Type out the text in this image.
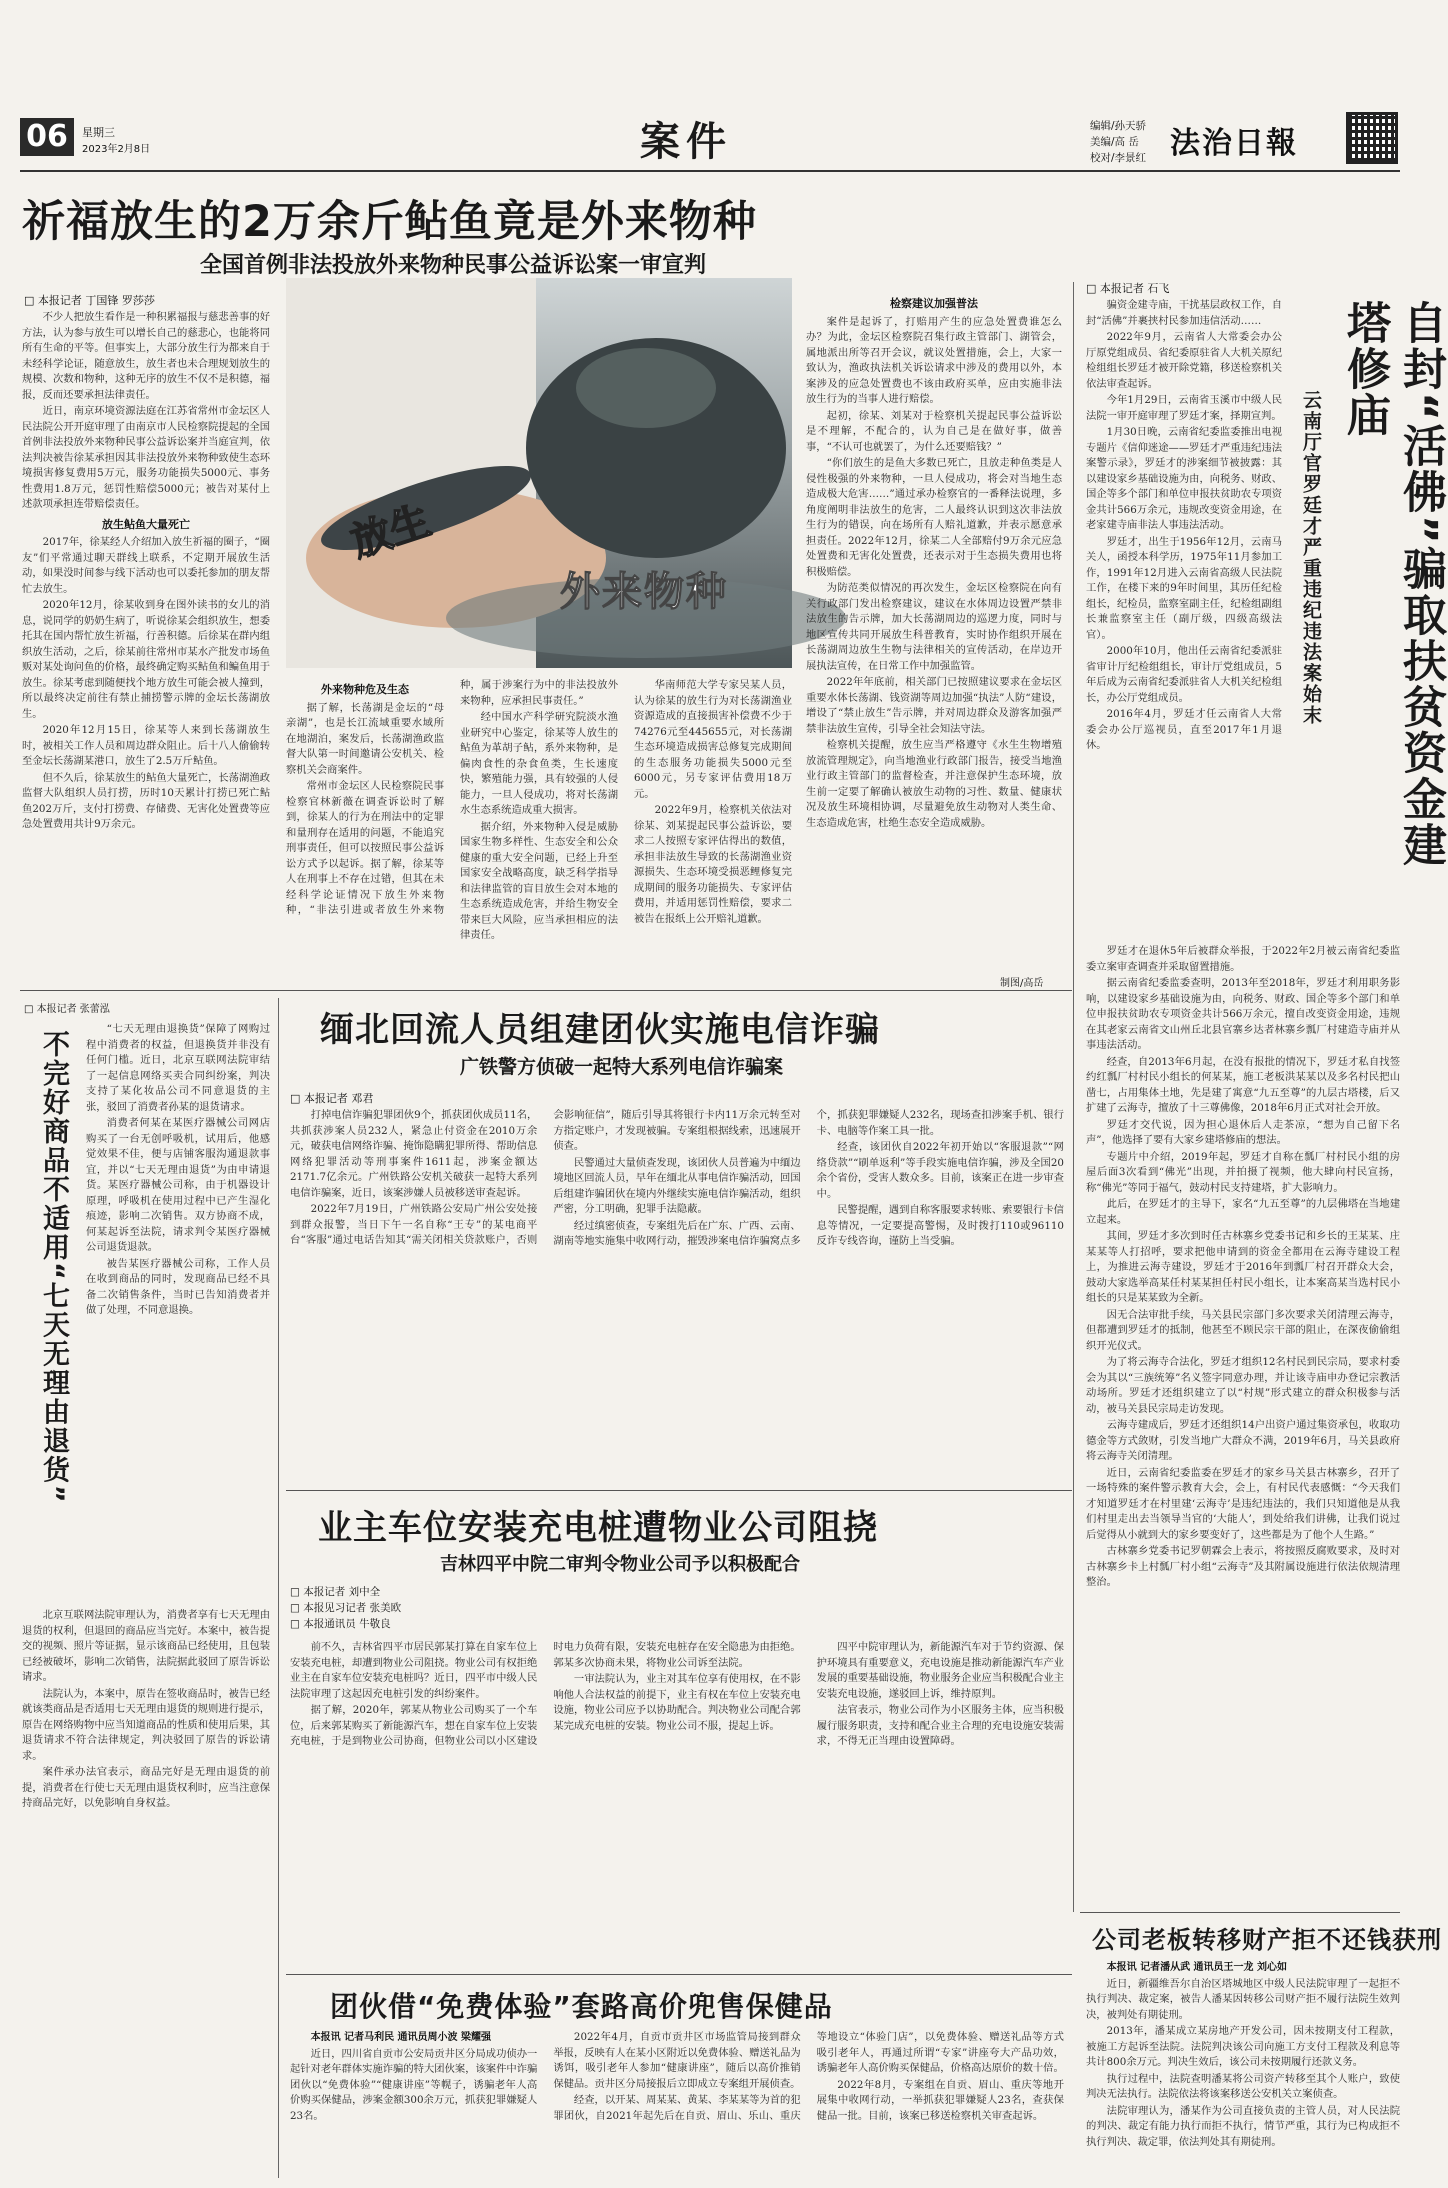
06	星期三
2023年2月8日	案件	编辑/孙天骄
美编/高 岳
校对/李景红 法治日報
祈福放生的2万余斤鲇鱼竟是外来物种
全国首例非法投放外来物种民事公益诉讼案一审宣判
□ 本报记者 丁国锋 罗莎莎

不少人把放生看作是一种积累福报与慈悲善事的好方法，认为参与放生可以增长自己的慈悲心，也能将同所有生命的平等。但事实上，大部分放生行为都来自于未经科学论证，随意放生，放生者也未合理规划放生的规模、次数和物种，这种无序的放生不仅不是积德，福报，反而还要承担法律责任。

近日，南京环境资源法庭在江苏省常州市金坛区人民法院公开开庭审理了由南京市人民检察院提起的全国首例非法投放外来物种民事公益诉讼案并当庭宣判，依法判决被告徐某承担因其非法投放外来物种致使生态环境损害修复费用5万元，服务功能损失5000元、事务性费用1.8万元，惩罚性赔偿5000元；被告对某付上述款项承担连带赔偿责任。

放生鲇鱼大量死亡

2017年，徐某经人介绍加入放生祈福的圈子，“圈友”们平常通过聊天群线上联系，不定期开展放生活动，如果没时间参与线下活动也可以委托参加的朋友帮忙去放生。

2020年12月，徐某收到身在图外读书的女儿的消息，说同学的奶奶生病了，听说徐某会组织放生，想委托其在国内帮忙放生祈福，行善积德。后徐某在群内组织放生活动，之后，徐某前往常州市某水产批发市场鱼贩对某处询问鱼的价格，最终确定购买鲇鱼和鳊鱼用于放生。徐某考虑到随便找个地方放生可能会被人撞到，所以最终决定前往有禁止捕捞警示牌的金坛长荡湖放生。

2020年12月15日，徐某等人来到长荡湖放生时，被相关工作人员和周边群众阻止。后十八人偷偷转至金坛长荡湖某港口，放生了2.5万斤鲇鱼。

但不久后，徐某放生的鲇鱼大量死亡，长荡湖渔政监督大队组织人员打捞，历时10天累计打捞已死亡鲇鱼202万斤，支付打捞费、存储费、无害化处置费等应急处置费用共计9万余元。

放生
外来物种
外来物种危及生态

据了解，长荡湖是金坛的“母亲湖”，也是长江流域重要水域所在地湖泊，案发后，长荡湖渔政监督大队第一时间邀请公安机关、检察机关会商案件。

常州市金坛区人民检察院民事检察官林新薇在调查诉讼时了解到，徐某人的行为在刑法中的定罪和量刑存在适用的问题，不能追究刑事责任，但可以按照民事公益诉讼方式予以起诉。据了解，徐某等人在刑事上不存在过错，但其在未经科学论证情况下放生外来物种，“非法引进或者放生外来物种，属于涉案行为中的非法投放外来物种，应承担民事责任。”

经中国水产科学研究院淡水渔业研究中心鉴定，徐某等人放生的鲇鱼为革胡子鲇，系外来物种，是偏肉食性的杂食鱼类，生长速度快，繁殖能力强，具有较强的人侵能力，一旦人侵成功，将对长荡湖水生态系统造成重大损害。

据介绍，外来物种入侵是威胁国家生物多样性、生态安全和公众健康的重大安全问题，已经上升至国家安全战略高度，缺乏科学指导和法律监管的盲目放生会对本地的生态系统造成危害，并给生物安全带来巨大风险，应当承担相应的法律责任。

华南师范大学专家吴某人员，认为徐某的放生行为对长荡湖渔业资源造成的直接损害补偿费不少于74276元至445655元，对长荡湖生态环境造成损害总修复完成期间的生态服务功能损失5000元至6000元，另专家评估费用18万元。

2022年9月，检察机关依法对徐某、刘某提起民事公益诉讼，要求二人按照专家评估得出的数值，承担非法放生导致的长荡湖渔业资源损失、生态环境受损恶鲤修复完成期间的服务功能损失、专家评估费用，并适用惩罚性赔偿，要求二被告在报纸上公开赔礼道歉。

检察建议加强普法

案件是起诉了，打赔用产生的应急处置费谁怎么办？为此，金坛区检察院召集行政主管部门、湖管会，属地派出所等召开会议，就议处置措施，会上，大家一致认为，渔政执法机关诉讼请求中涉及的费用以外，本案涉及的应急处置费也不该由政府买单，应由实施非法放生行为的当事人进行赔偿。

起初，徐某、刘某对于检察机关提起民事公益诉讼是不理解，不配合的，认为自己是在做好事，做善事，“不认可也就罢了，为什么还要赔钱？”

“你们放生的是鱼大多数已死亡，且放走种鱼类是人侵性极强的外来物种，一旦人侵成功，将会对当地生态造成极大危害……”通过承办检察官的一番释法说理，多角度阐明非法放生的危害，二人最终认识到这次非法放生行为的错误，向在场所有人赔礼道歉，并表示愿意承担责任。2022年12月，徐某二人全部赔付9万余元应急处置费和无害化处置费，还表示对于生态损失费用也将积极赔偿。

为防范类似情况的再次发生，金坛区检察院在向有关行政部门发出检察建议，建议在水体周边设置严禁非法放生的告示牌，加大长荡湖周边的巡逻力度，同时与地区宣传共同开展放生科普教育，实时协作组织开展在长荡湖周边放生生物与法律相关的宣传活动，在岸边开展执法宣传，在日常工作中加强监管。

2022年年底前，相关部门已按照建议要求在金坛区重要水体长荡湖、钱资湖等周边加强“执法”人防“建设，增设了“禁止放生”告示牌，并对周边群众及游客加强严禁非法放生宣传，引导全社会知法守法。

检察机关提醒，放生应当严格遵守《水生生物增殖放流管理规定》，向当地渔业行政部门报告，接受当地渔业行政主管部门的监督检查，并注意保护生态环境，放生前一定要了解确认被放生动物的习性、数量、健康状况及放生环境相协调，尽量避免放生动物对人类生命、生态造成危害，杜绝生态安全造成威胁。

制图/高岳
□ 本报记者 石飞
自封“活佛”骗取扶贫资金建塔修庙
云南厅官罗廷才严重违纪违法案始末

骗资金建寺庙，干扰基层政权工作，自封“活佛”并裹挟村民参加违信活动……

2022年9月，云南省人大常委会办公厅原党组成员、省纪委原驻省人大机关原纪检组组长罗廷才被开除党籍，移送检察机关依法审查起诉。

今年1月29日，云南省玉溪市中级人民法院一审开庭审理了罗廷才案，择期宣判。

1月30日晚，云南省纪委监委推出电视专题片《信仰迷途——罗廷才严重违纪违法案警示录》，罗廷才的涉案细节被披露：其以建设家乡基础设施为由，向税务、财政、国企等多个部门和单位申报扶贫助农专项资金共计566万余元，违规改变资金用途，在老家建寺庙非法人事违法活动。

罗廷才，出生于1956年12月，云南马关人，函授本科学历，1975年11月参加工作，1991年12月进入云南省高级人民法院工作，在楼下来的9年时间里，其历任纪检组长，纪检员，监察室副主任，纪检组副组长兼监察室主任（副厅级，四级高级法官）。

2000年10月，他出任云南省纪委派驻省审计厅纪检组组长，审计厅党组成员，5年后成为云南省纪委派驻省人大机关纪检组长，办公厅党组成员。

2016年4月，罗廷才任云南省人大常委会办公厅巡视员，直至2017年1月退休。

罗廷才在退休5年后被群众举报，于2022年2月被云南省纪委监委立案审查调查并采取留置措施。

据云南省纪委监委查明，2013年至2018年，罗廷才利用职务影响，以建设家乡基础设施为由，向税务、财政、国企等多个部门和单位申报扶贫助农专项资金共计566万余元，擅自改变资金用途，违规在其老家云南省文山州丘北县官寨乡达者林寨乡瓢厂村建造寺庙并从事违法活动。

经查，自2013年6月起，在没有报批的情况下，罗廷才私自找签约红瓢厂村村民小组长的何某某，施工老板洪某某以及多名村民把山凿七，占用集体土地，先是建了寓意“九五至尊”的九层古塔楼，后又扩建了云海寺，擅放了十三尊佛像，2018年6月正式对社会开放。

罗廷才交代说，因为担心退休后人走茶凉，“想为自己留下名声”，他选择了要有大家乡建塔修庙的想法。

专题片中介绍，2019年起，罗廷才自称在瓢厂村村民小组的房屋后面3次看到“佛光”出现，并拍摄了视频，他大肆向村民宣扬，称“佛光”等同于福气，鼓动村民支持建塔，扩大影响力。

此后，在罗廷才的主导下，家名“九五至尊”的九层佛塔在当地建立起来。

其间，罗廷才多次到时任古林寨乡党委书记和乡长的王某某、庄某某等人打招呼，要求把他申请到的资金全都用在云海寺建设工程上，为推进云海寺建设，罗廷才于2016年到瓢厂村召开群众大会，鼓动大家选举高某任村某某担任村民小组长，让本案高某当选村民小组长的只是某某致为全新。

因无合法审批手续，马关县民宗部门多次要求关闭清理云海寺，但都遭到罗廷才的抵制，他甚至不顾民宗干部的阻止，在深夜偷偷组织开光仪式。

为了将云海寺合法化，罗廷才组织12名村民到民宗局，要求村委会为其以“三族统筹”名义签字同意办理，并让该寺庙申办登记宗教活动场所。罗廷才还组织建立了以“村规”形式建立的群众积极参与活动，被马关县民宗局走访发现。

云海寺建成后，罗廷才还组织14户出资户通过集资承包，收取功德金等方式敛财，引发当地广大群众不满，2019年6月，马关县政府将云海寺关闭清理。

近日，云南省纪委监委在罗廷才的家乡马关县古林寨乡，召开了一场特殊的案件警示教育大会，会上，有村民代表感慨：“今天我们才知道罗廷才在村里建‘云海寺’是违纪违法的，我们只知道他是从我们村里走出去当领导当官的‘大能人’，到处给我们讲佛，让我们说过后觉得从小就到大的家乡要变好了，这些都是为了他个人生路。”

古林寨乡党委书记罗朝霖会上表示，将按照反腐败要求，及时对古林寨乡卡上村瓢厂村小组“云海寺”及其附属设施进行依法依规清理整治。

公司老板转移财产拒不还钱获刑

本报讯 记者潘从武 通讯员王一龙 刘心如

近日，新疆维吾尔自治区塔城地区中级人民法院审理了一起拒不执行判决、裁定案，被告人潘某因转移公司财产拒不履行法院生效判决，被判处有期徒刑。

2013年，潘某成立某房地产开发公司，因未按期支付工程款，被施工方起诉至法院。法院判决该公司向施工方支付工程款及利息等共计800余万元。判决生效后，该公司未按期履行还款义务。

执行过程中，法院查明潘某将公司资产转移至其个人账户，致使判决无法执行。法院依法将该案移送公安机关立案侦查。

法院审理认为，潘某作为公司直接负责的主管人员，对人民法院的判决、裁定有能力执行而拒不执行，情节严重，其行为已构成拒不执行判决、裁定罪，依法判处其有期徒刑。

□ 本报记者 张蕾泓
不完好商品不适用“七天无理由退货”

“七天无理由退换货”保障了网购过程中消费者的权益，但退换货并非没有任何门槛。近日，北京互联网法院审结了一起信息网络买卖合同纠纷案，判决支持了某化妆品公司不同意退货的主张，驳回了消费者孙某的退货请求。

消费者何某在某医疗器械公司网店购买了一台无创呼吸机，试用后，他感觉效果不佳，便与店铺客服沟通退款事宜，并以“七天无理由退货”为由申请退货。某医疗器械公司称，由于机器设计原理，呼吸机在使用过程中已产生湿化痕迹，影响二次销售。双方协商不成，何某起诉至法院，请求判令某医疗器械公司退货退款。

被告某医疗器械公司称，工作人员在收到商品的同时，发现商品已经不具备二次销售条件，当时已告知消费者并做了处理，不同意退换。

北京互联网法院审理认为，消费者享有七天无理由退货的权利，但退回的商品应当完好。本案中，被告提交的视频、照片等证据，显示该商品已经使用，且包装已经被破坏，影响二次销售，法院据此驳回了原告诉讼请求。

法院认为，本案中，原告在签收商品时，被告已经就该类商品是否适用七天无理由退货的规则进行提示，原告在网络购物中应当知道商品的性质和使用后果，其退货请求不符合法律规定，判决驳回了原告的诉讼请求。

案件承办法官表示，商品完好是无理由退货的前提，消费者在行使七天无理由退货权利时，应当注意保持商品完好，以免影响自身权益。

缅北回流人员组建团伙实施电信诈骗
广铁警方侦破一起特大系列电信诈骗案
□ 本报记者 邓君

打掉电信诈骗犯罪团伙9个，抓获团伙成员11名，共抓获涉案人员232人，紧急止付资金在2010万余元，破获电信网络诈骗、掩饰隐瞒犯罪所得、帮助信息网络犯罪活动等刑事案件1611起，涉案金额达2171.7亿余元。广州铁路公安机关破获一起特大系列电信诈骗案，近日，该案涉嫌人员被移送审查起诉。

2022年7月19日，广州铁路公安局广州公安处接到群众报警，当日下午一名自称“王专”的某电商平台“客服”通过电话告知其“需关闭相关贷款账户，否则会影响征信”，随后引导其将银行卡内11万余元转至对方指定账户，才发现被骗。专案组根据线索，迅速展开侦查。

民警通过大量侦查发现，该团伙人员普遍为中缅边境地区回流人员，早年在缅北从事电信诈骗活动，回国后组建诈骗团伙在境内外继续实施电信诈骗活动，组织严密，分工明确，犯罪手法隐蔽。

经过缜密侦查，专案组先后在广东、广西、云南、湖南等地实施集中收网行动，摧毁涉案电信诈骗窝点多个，抓获犯罪嫌疑人232名，现场查扣涉案手机、银行卡、电脑等作案工具一批。

经查，该团伙自2022年初开始以“客服退款”“网络贷款”“刷单返利”等手段实施电信诈骗，涉及全国20余个省份，受害人数众多。目前，该案正在进一步审查中。

民警提醒，遇到自称客服要求转账、索要银行卡信息等情况，一定要提高警惕，及时拨打110或96110反诈专线咨询，谨防上当受骗。

业主车位安装充电桩遭物业公司阻挠
吉林四平中院二审判令物业公司予以积极配合
□ 本报记者 刘中全
□ 本报见习记者 张美欧
□ 本报通讯员 牛敬良

前不久，吉林省四平市居民郭某打算在自家车位上安装充电桩，却遭到物业公司阻挠。物业公司有权拒绝业主在自家车位安装充电桩吗？近日，四平市中级人民法院审理了这起因充电桩引发的纠纷案件。

据了解，2020年，郭某从物业公司购买了一个车位，后来郭某购买了新能源汽车，想在自家车位上安装充电桩，于是到物业公司协商，但物业公司以小区建设时电力负荷有限，安装充电桩存在安全隐患为由拒绝。郭某多次协商未果，将物业公司诉至法院。

一审法院认为，业主对其车位享有使用权，在不影响他人合法权益的前提下，业主有权在车位上安装充电设施，物业公司应予以协助配合。判决物业公司配合郭某完成充电桩的安装。物业公司不服，提起上诉。

四平中院审理认为，新能源汽车对于节约资源、保护环境具有重要意义，充电设施是推动新能源汽车产业发展的重要基础设施，物业服务企业应当积极配合业主安装充电设施，遂驳回上诉，维持原判。

法官表示，物业公司作为小区服务主体，应当积极履行服务职责，支持和配合业主合理的充电设施安装需求，不得无正当理由设置障碍。

团伙借“免费体验”套路高价兜售保健品

本报讯 记者马利民 通讯员周小波 梁耀强

近日，四川省自贡市公安局贡井区分局成功侦办一起针对老年群体实施诈骗的特大团伙案，该案件中诈骗团伙以“免费体验”“健康讲座”等幌子，诱骗老年人高价购买保健品，涉案金额300余万元，抓获犯罪嫌疑人23名。

2022年4月，自贡市贡井区市场监管局接到群众举报，反映有人在某小区附近以免费体验、赠送礼品为诱饵，吸引老年人参加“健康讲座”，随后以高价推销保健品。贡井区分局接报后立即成立专案组开展侦查。

经查，以开某、周某某、黄某、李某某等为首的犯罪团伙，自2021年起先后在自贡、眉山、乐山、重庆等地设立“体验门店”，以免费体验、赠送礼品等方式吸引老年人，再通过所谓“专家”讲座夸大产品功效，诱骗老年人高价购买保健品，价格高达原价的数十倍。

2022年8月，专案组在自贡、眉山、重庆等地开展集中收网行动，一举抓获犯罪嫌疑人23名，查获保健品一批。目前，该案已移送检察机关审查起诉。
